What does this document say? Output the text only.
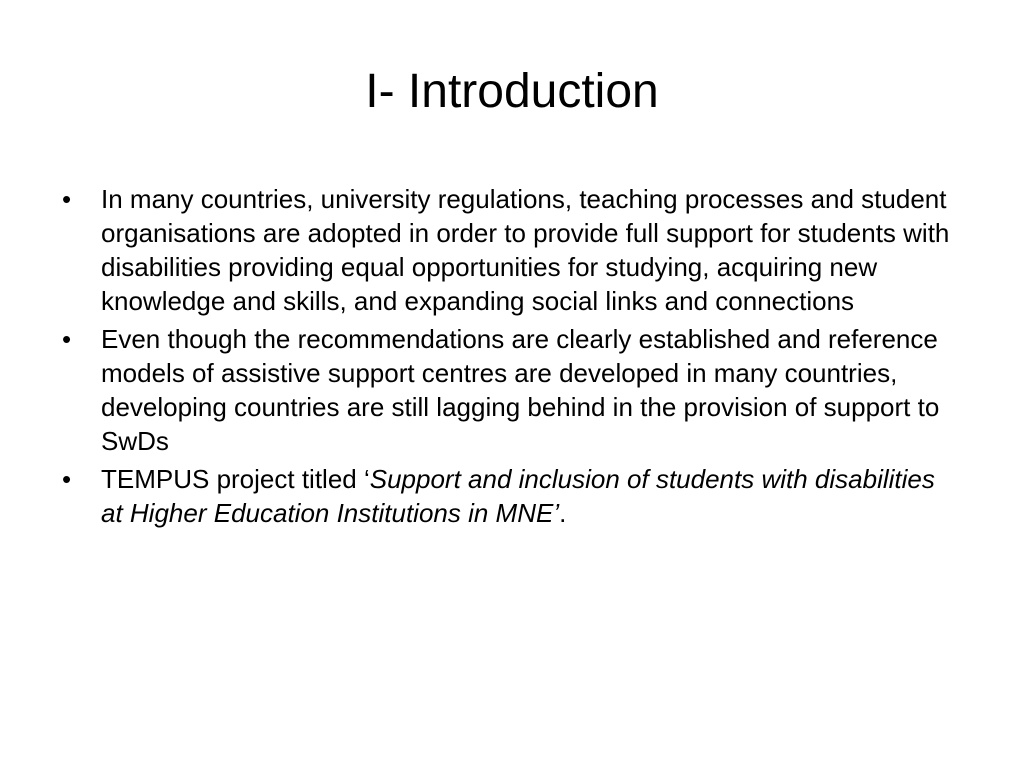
I- Introduction
•	In many countries, university regulations, teaching processes and student organisations are adopted in order to provide full support for students with disabilities providing equal opportunities for studying, acquiring new knowledge and skills, and expanding social links and connections
•	Even though the recommendations are clearly established and reference models of assistive support centres are developed in many countries, developing countries are still lagging behind in the provision of support to SwDs
•	TEMPUS project titled ‘Support and inclusion of students with disabilities at Higher Education Institutions in MNE’.
